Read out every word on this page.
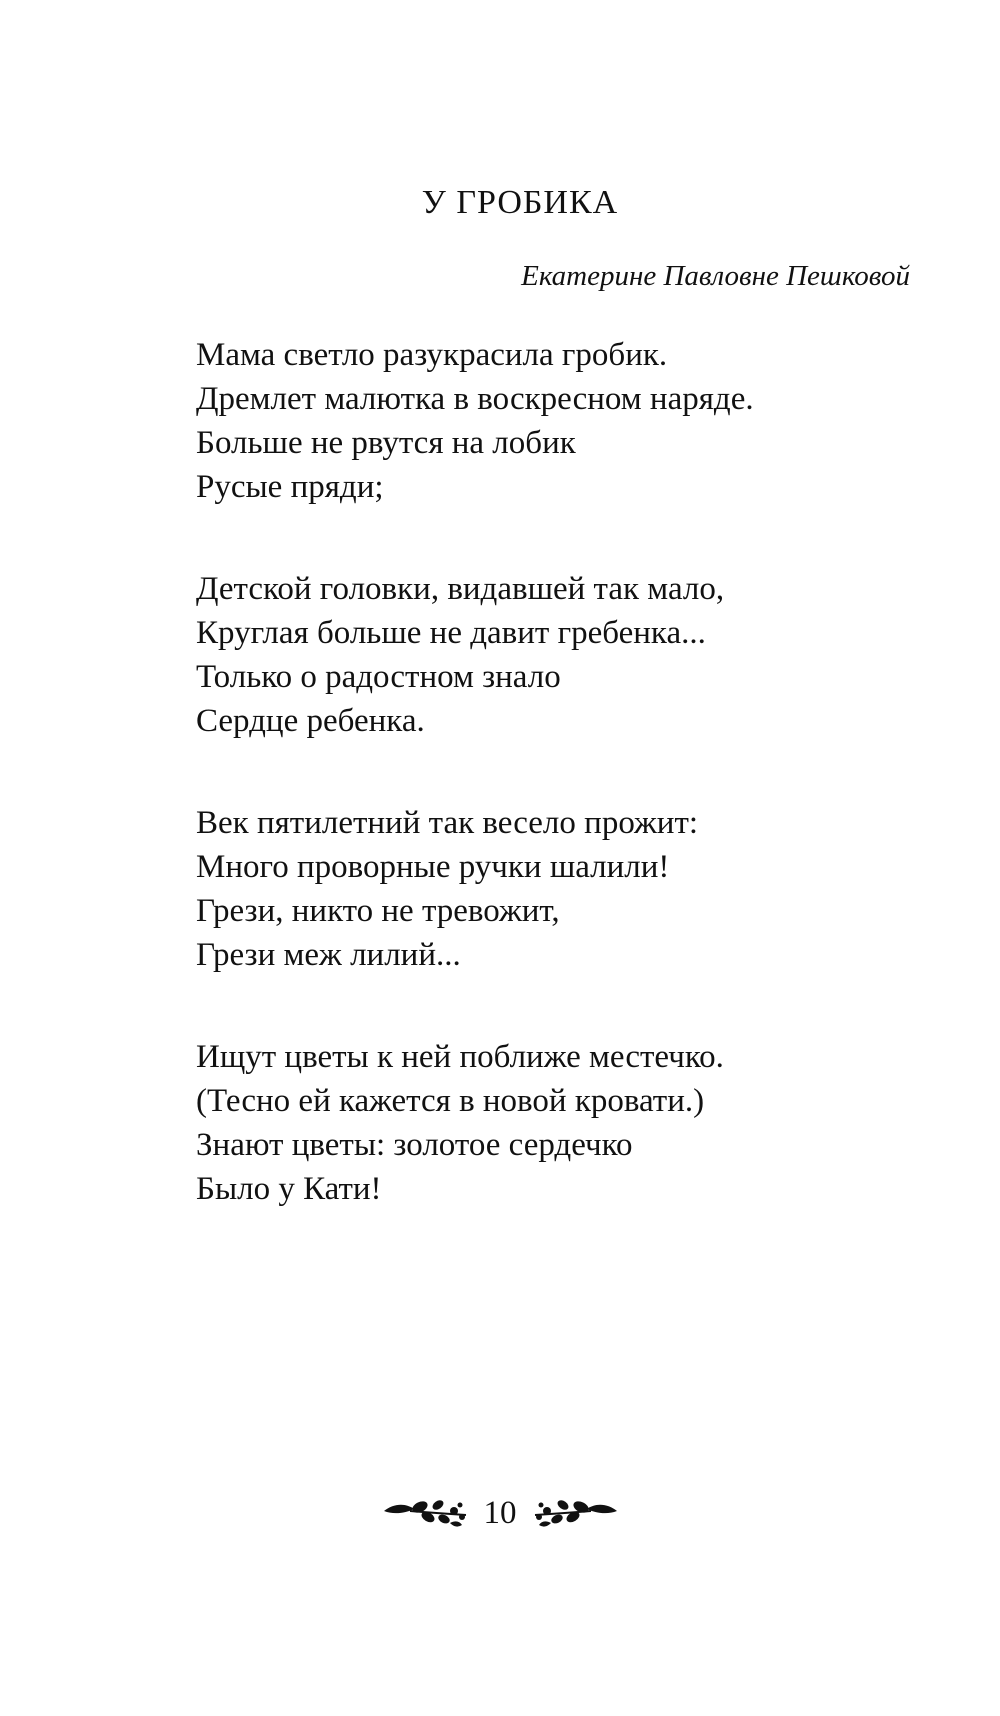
У ГРОБИКА
Екатерине Павловне Пешковой
Мама светло разукрасила гробик.
Дремлет малютка в воскресном наряде.
Больше не рвутся на лобик
Русые пряди;
Детской головки, видавшей так мало,
Круглая больше не давит гребенка...
Только о радостном знало
Сердце ребенка.
Век пятилетний так весело прожит:
Много проворные ручки шалили!
Грези, никто не тревожит,
Грези меж лилий...
Ищут цветы к ней поближе местечко.
(Тесно ей кажется в новой кровати.)
Знают цветы: золотое сердечко
Было у Кати!
10
